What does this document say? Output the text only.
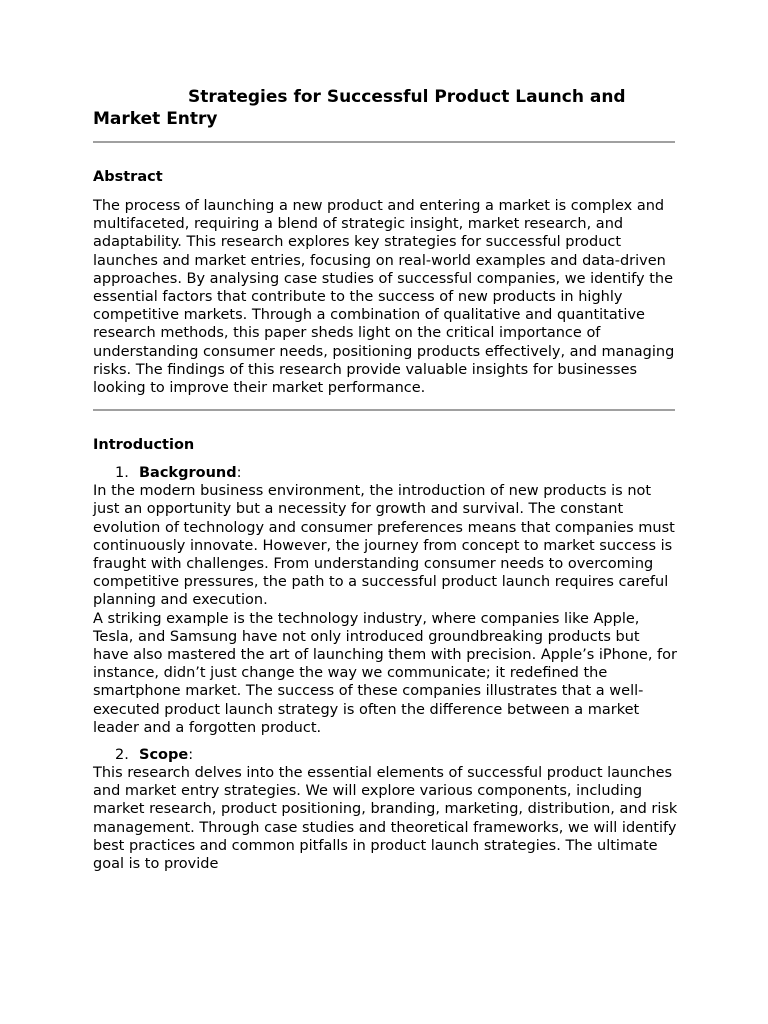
Strategies for Successful Product Launch and Market Entry
Abstract

The process of launching a new product and entering a market is complex and multifaceted, requiring a blend of strategic insight, market research, and adaptability. This research explores key strategies for successful product launches and market entries, focusing on real-world examples and data-driven approaches. By analysing case studies of successful companies, we identify the essential factors that contribute to the success of new products in highly competitive markets. Through a combination of qualitative and quantitative research methods, this paper sheds light on the critical importance of understanding consumer needs, positioning products effectively, and managing risks. The findings of this research provide valuable insights for businesses looking to improve their market performance.

Introduction
1. Background:

In the modern business environment, the introduction of new products is not just an opportunity but a necessity for growth and survival. The constant evolution of technology and consumer preferences means that companies must continuously innovate. However, the journey from concept to market success is fraught with challenges. From understanding consumer needs to overcoming competitive pressures, the path to a successful product launch requires careful planning and execution.

A striking example is the technology industry, where companies like Apple, Tesla, and Samsung have not only introduced groundbreaking products but have also mastered the art of launching them with precision. Apple’s iPhone, for instance, didn’t just change the way we communicate; it redefined the smartphone market. The success of these companies illustrates that a well-executed product launch strategy is often the difference between a market leader and a forgotten product.

2. Scope:

This research delves into the essential elements of successful product launches and market entry strategies. We will explore various components, including market research, product positioning, branding, marketing, distribution, and risk management. Through case studies and theoretical frameworks, we will identify best practices and common pitfalls in product launch strategies. The ultimate goal is to provide
